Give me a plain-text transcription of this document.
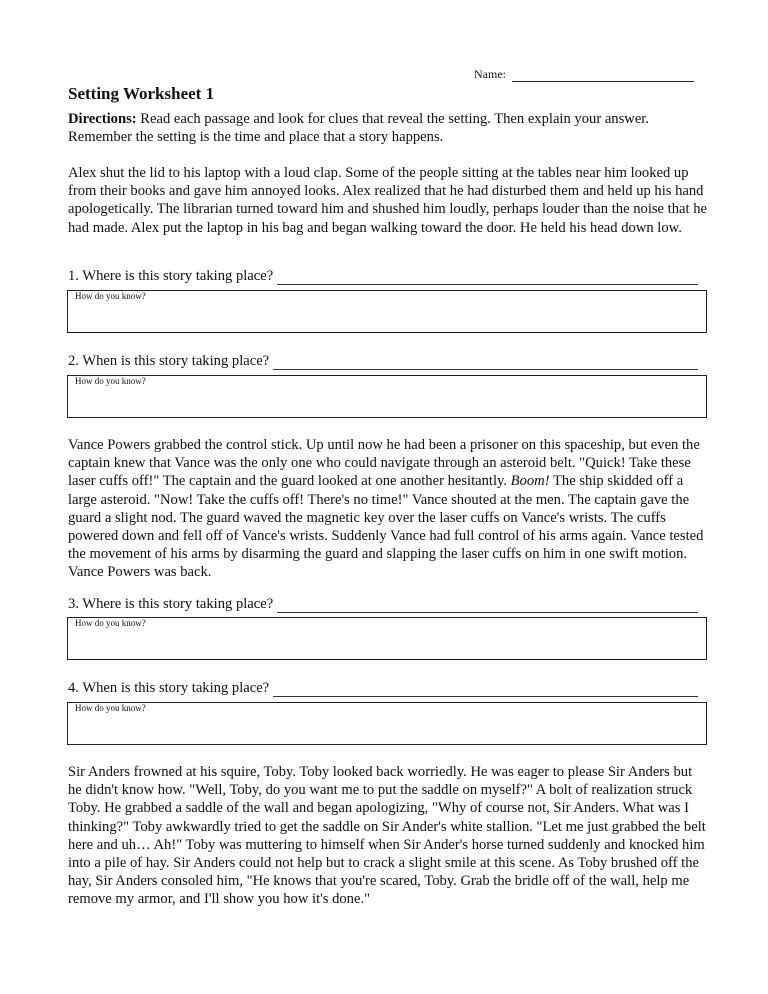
Name:
Setting Worksheet 1

Directions: Read each passage and look for clues that reveal the setting. Then explain your answer. Remember the setting is the time and place that a story happens.

Alex shut the lid to his laptop with a loud clap. Some of the people sitting at the tables near him looked up from their books and gave him annoyed looks. Alex realized that he had disturbed them and held up his hand apologetically. The librarian turned toward him and shushed him loudly, perhaps louder than the noise that he had made. Alex put the laptop in his bag and began walking toward the door. He held his head down low.

1. Where is this story taking place?
How do you know?
2. When is this story taking place?
How do you know?

Vance Powers grabbed the control stick. Up until now he had been a prisoner on this spaceship, but even the captain knew that Vance was the only one who could navigate through an asteroid belt. "Quick! Take these laser cuffs off!" The captain and the guard looked at one another hesitantly. Boom! The ship skidded off a large asteroid. "Now! Take the cuffs off! There's no time!" Vance shouted at the men. The captain gave the guard a slight nod. The guard waved the magnetic key over the laser cuffs on Vance's wrists. The cuffs powered down and fell off of Vance's wrists. Suddenly Vance had full control of his arms again. Vance tested the movement of his arms by disarming the guard and slapping the laser cuffs on him in one swift motion. Vance Powers was back.

3. Where is this story taking place?
How do you know?
4. When is this story taking place?
How do you know?

Sir Anders frowned at his squire, Toby. Toby looked back worriedly. He was eager to please Sir Anders but he didn't know how. "Well, Toby, do you want me to put the saddle on myself?" A bolt of realization struck Toby. He grabbed a saddle of the wall and began apologizing, "Why of course not, Sir Anders. What was I thinking?" Toby awkwardly tried to get the saddle on Sir Ander's white stallion. "Let me just grabbed the belt here and uh… Ah!" Toby was muttering to himself when Sir Ander's horse turned suddenly and knocked him into a pile of hay. Sir Anders could not help but to crack a slight smile at this scene. As Toby brushed off the hay, Sir Anders consoled him, "He knows that you're scared, Toby. Grab the bridle off of the wall, help me remove my armor, and I'll show you how it's done."
